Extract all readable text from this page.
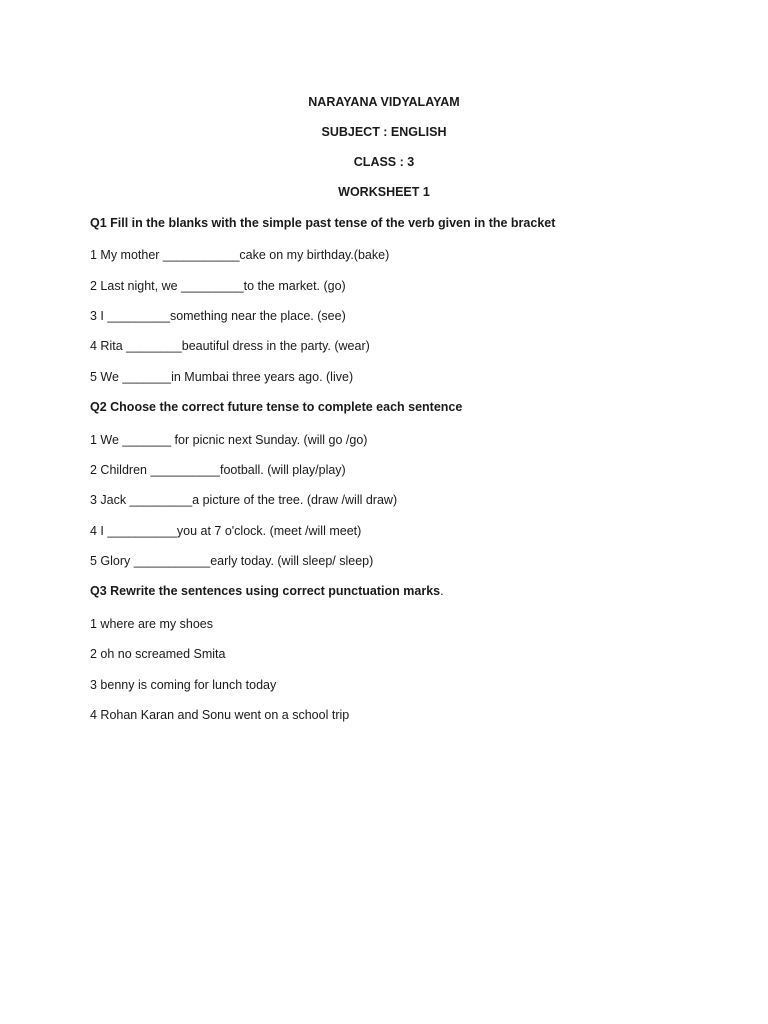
NARAYANA VIDYALAYAM
SUBJECT : ENGLISH
CLASS : 3
WORKSHEET 1
Q1 Fill in the blanks with the simple past tense of the verb given in the bracket
1 My mother ___________cake on my birthday.(bake)
2 Last night, we _________to the market. (go)
3 I _________something near the place. (see)
4 Rita ________beautiful dress in the party. (wear)
5 We _______in Mumbai three years ago. (live)
Q2 Choose the correct future tense to complete each sentence
1 We _______ for picnic next Sunday. (will go /go)
2 Children __________football. (will play/play)
3 Jack _________a picture of the tree. (draw /will draw)
4 I __________you at 7 o'clock. (meet /will meet)
5 Glory ___________early today. (will sleep/ sleep)
Q3 Rewrite the sentences using correct punctuation marks.
1 where are my shoes
2 oh no screamed Smita
3 benny is coming for lunch today
4 Rohan Karan and Sonu went on a school trip
